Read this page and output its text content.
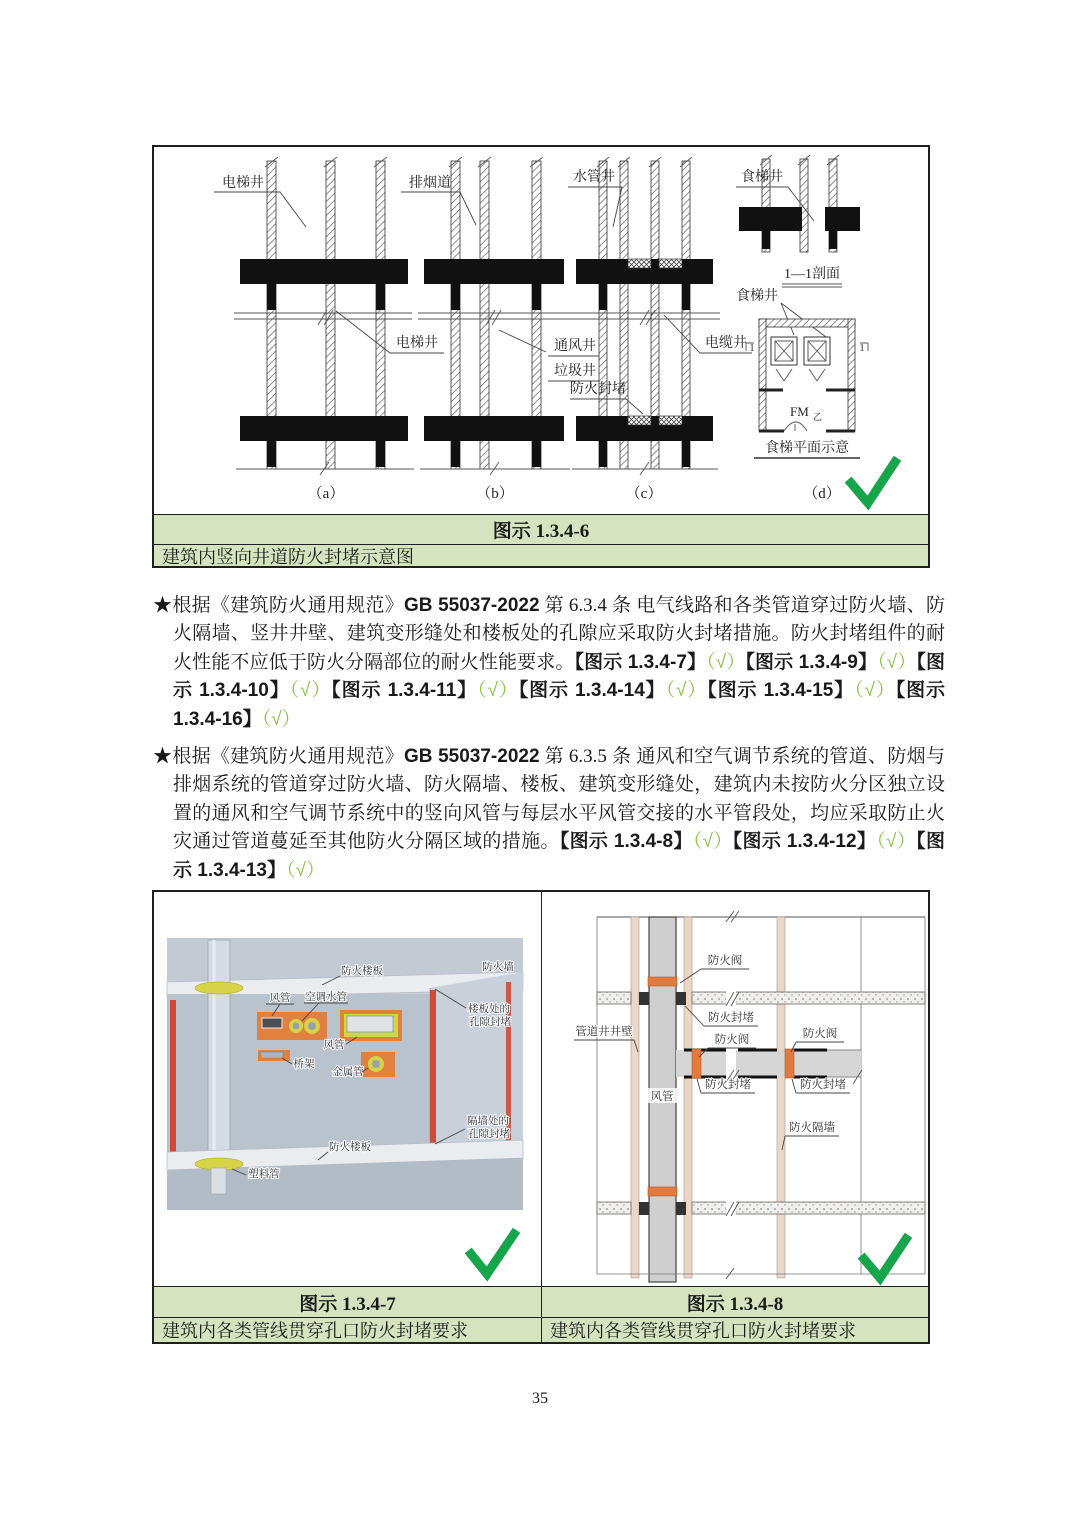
电梯井
电梯井
排烟道
通风井
垃圾井
水管井
电缆井
防火封堵
食梯井
1—1剖面
食梯井
1	1
FM 乙
食梯平面示意
（a）	（b）	（c）	（d）
图示 1.3.4-6
建筑内竖向井道防火封堵示意图

★根据《建筑防火通用规范》GB 55037-2022 第 6.3.4 条 电气线路和各类管道穿过防火墙、防火隔墙、竖井井壁、建筑变形缝处和楼板处的孔隙应采取防火封堵措施。防火封堵组件的耐火性能不应低于防火分隔部位的耐火性能要求。【图示 1.3.4-7】（√）【图示 1.3.4-9】（√）【图示 1.3.4-10】（√）【图示 1.3.4-11】（√）【图示 1.3.4-14】（√）【图示 1.3.4-15】（√）【图示 1.3.4-16】（√）

★根据《建筑防火通用规范》GB 55037-2022 第 6.3.5 条 通风和空气调节系统的管道、防烟与排烟系统的管道穿过防火墙、防火隔墙、楼板、建筑变形缝处，建筑内未按防火分区独立设置的通风和空气调节系统中的竖向风管与每层水平风管交接的水平管段处，均应采取防止火灾通过管道蔓延至其他防火分隔区域的措施。【图示 1.3.4-8】（√）【图示 1.3.4-12】（√）【图示 1.3.4-13】（√）

防火楼板	防火墙
风管 空调水管
楼板处的
孔隙封堵
风管
桥架
金属管
隔墙处的
孔隙封堵
防火楼板
塑料管
图示 1.3.4-7
建筑内各类管线贯穿孔口防火封堵要求
防火阀
防火封堵
管道井井壁
防火阀	防火阀
风管
防火封堵	防火封堵
防火隔墙
图示 1.3.4-8
建筑内各类管线贯穿孔口防火封堵要求
35
